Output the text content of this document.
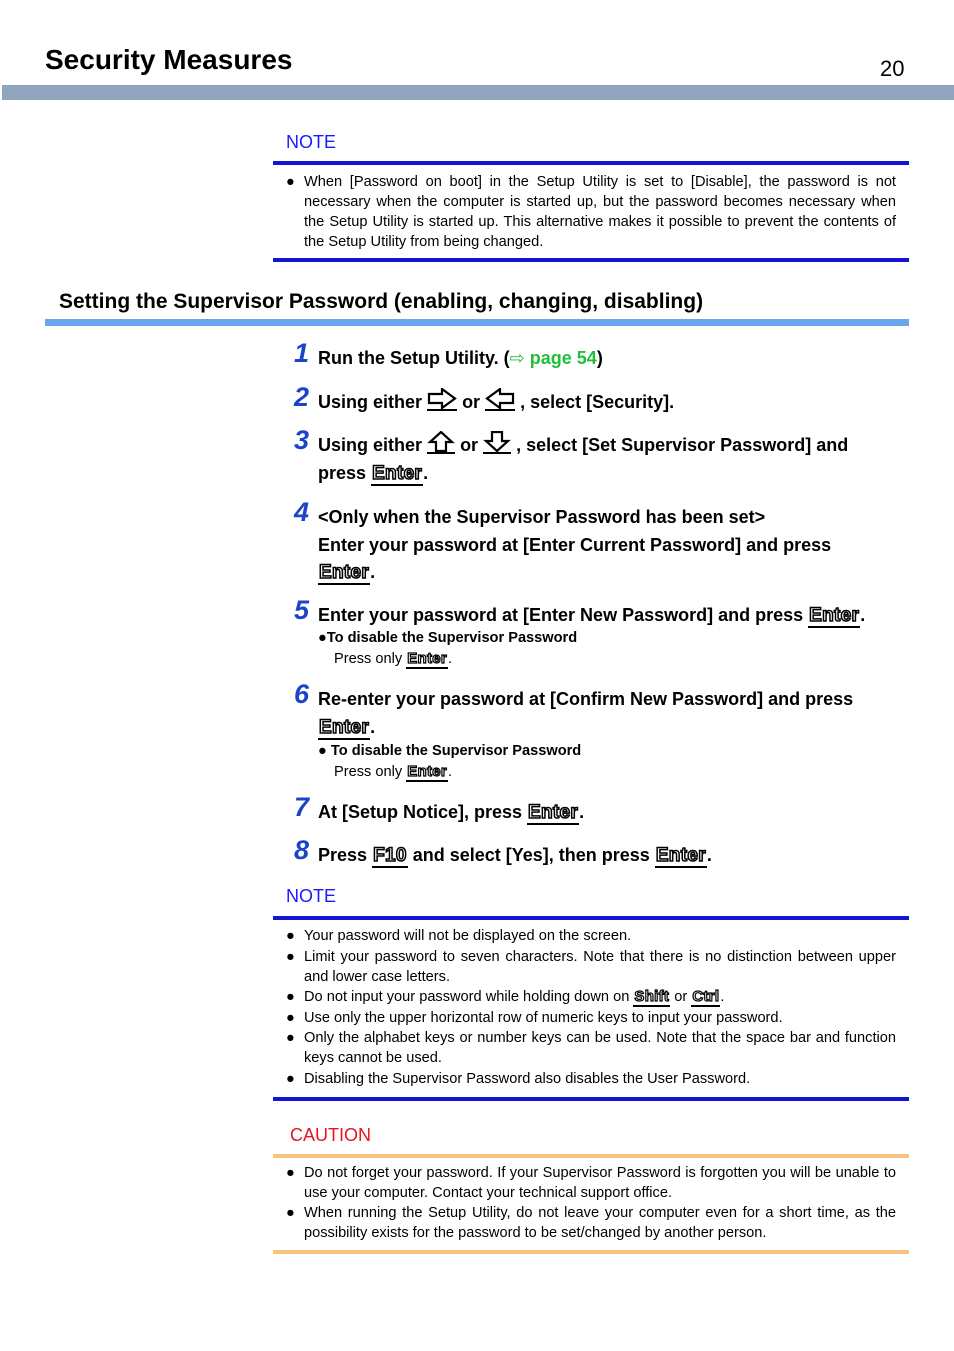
Security Measures	20
NOTE
● When [Password on boot] in the Setup Utility is set to [Disable], the password is not necessary when the computer is started up, but the password becomes necessary when the Setup Utility is started up. This alternative makes it possible to prevent the contents of the Setup Utility from being changed.
Setting the Supervisor Password (enabling, changing, disabling)
1 Run the Setup Utility. (⇨ page 54)
2 Using either or , select [Security].
3 Using either or , select [Set Supervisor Password] and
press Enter.
4 <Only when the Supervisor Password has been set>
Enter your password at [Enter Current Password] and press
Enter.
5 Enter your password at [Enter New Password] and press Enter.
●To disable the Supervisor Password
Press only Enter.
6 Re-enter your password at [Confirm New Password] and press
Enter.
● To disable the Supervisor Password
Press only Enter.
7 At [Setup Notice], press Enter.
8 Press F10 and select [Yes], then press Enter.
NOTE
● Your password will not be displayed on the screen.
● Limit your password to seven characters. Note that there is no distinction between upper and lower case letters.
● Do not input your password while holding down on Shift or Ctrl.
● Use only the upper horizontal row of numeric keys to input your password.
● Only the alphabet keys or number keys can be used. Note that the space bar and function keys cannot be used.
● Disabling the Supervisor Password also disables the User Password.
CAUTION
● Do not forget your password. If your Supervisor Password is forgotten you will be unable to use your computer. Contact your technical support office.
● When running the Setup Utility, do not leave your computer even for a short time, as the possibility exists for the password to be set/changed by another person.
